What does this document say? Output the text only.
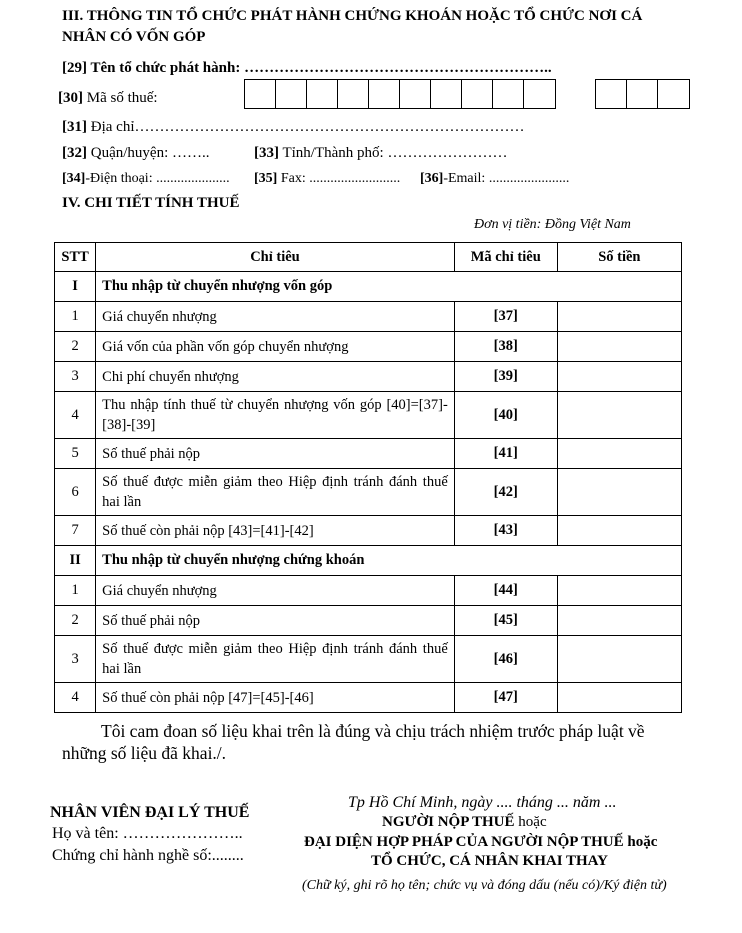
III. THÔNG TIN TỔ CHỨC PHÁT HÀNH CHỨNG KHOÁN HOẶC TỔ CHỨC NƠI CÁ
NHÂN CÓ VỐN GÓP
[29] Tên tổ chức phát hành: ……………………………………………………..
[30] Mã số thuế:
[31] Địa chỉ……………………………………………………………………
[32] Quận/huyện: ……..	[33] Tỉnh/Thành phố: ……………………
[34]-Điện thoại: ..................... [35] Fax: .......................... [36]-Email: .......................
IV. CHI TIẾT TÍNH THUẾ
Đơn vị tiền: Đồng Việt Nam
STT	Chỉ tiêu	Mã chỉ tiêu	Số tiền
I	Thu nhập từ chuyển nhượng vốn góp		
1	Giá chuyển nhượng	[37]	
2	Giá vốn của phần vốn góp chuyển nhượng	[38]	
3	Chi phí chuyển nhượng	[39]	
4	Thu nhập tính thuế từ chuyển nhượng vốn góp [40]=[37]-[38]-[39]	[40]	
5	Số thuế phải nộp	[41]	
6	Số thuế được miễn giảm theo Hiệp định tránh đánh thuế hai lần	[42]	
7	Số thuế còn phải nộp [43]=[41]-[42]	[43]	
II	Thu nhập từ chuyển nhượng chứng khoán		
1	Giá chuyển nhượng	[44]	
2	Số thuế phải nộp	[45]	
3	Số thuế được miễn giảm theo Hiệp định tránh đánh thuế hai lần	[46]	
4	Số thuế còn phải nộp [47]=[45]-[46]	[47]	
Tôi cam đoan số liệu khai trên là đúng và chịu trách nhiệm trước pháp luật về
những số liệu đã khai./.
NHÂN VIÊN ĐẠI LÝ THUẾ
Họ và tên: …………………..
Chứng chỉ hành nghề số:........
Tp Hồ Chí Minh, ngày .... tháng ... năm ...
NGƯỜI NỘP THUẾ hoặc
ĐẠI DIỆN HỢP PHÁP CỦA NGƯỜI NỘP THUẾ hoặc
TỔ CHỨC, CÁ NHÂN KHAI THAY
(Chữ ký, ghi rõ họ tên; chức vụ và đóng dấu (nếu có)/Ký điện tử)
